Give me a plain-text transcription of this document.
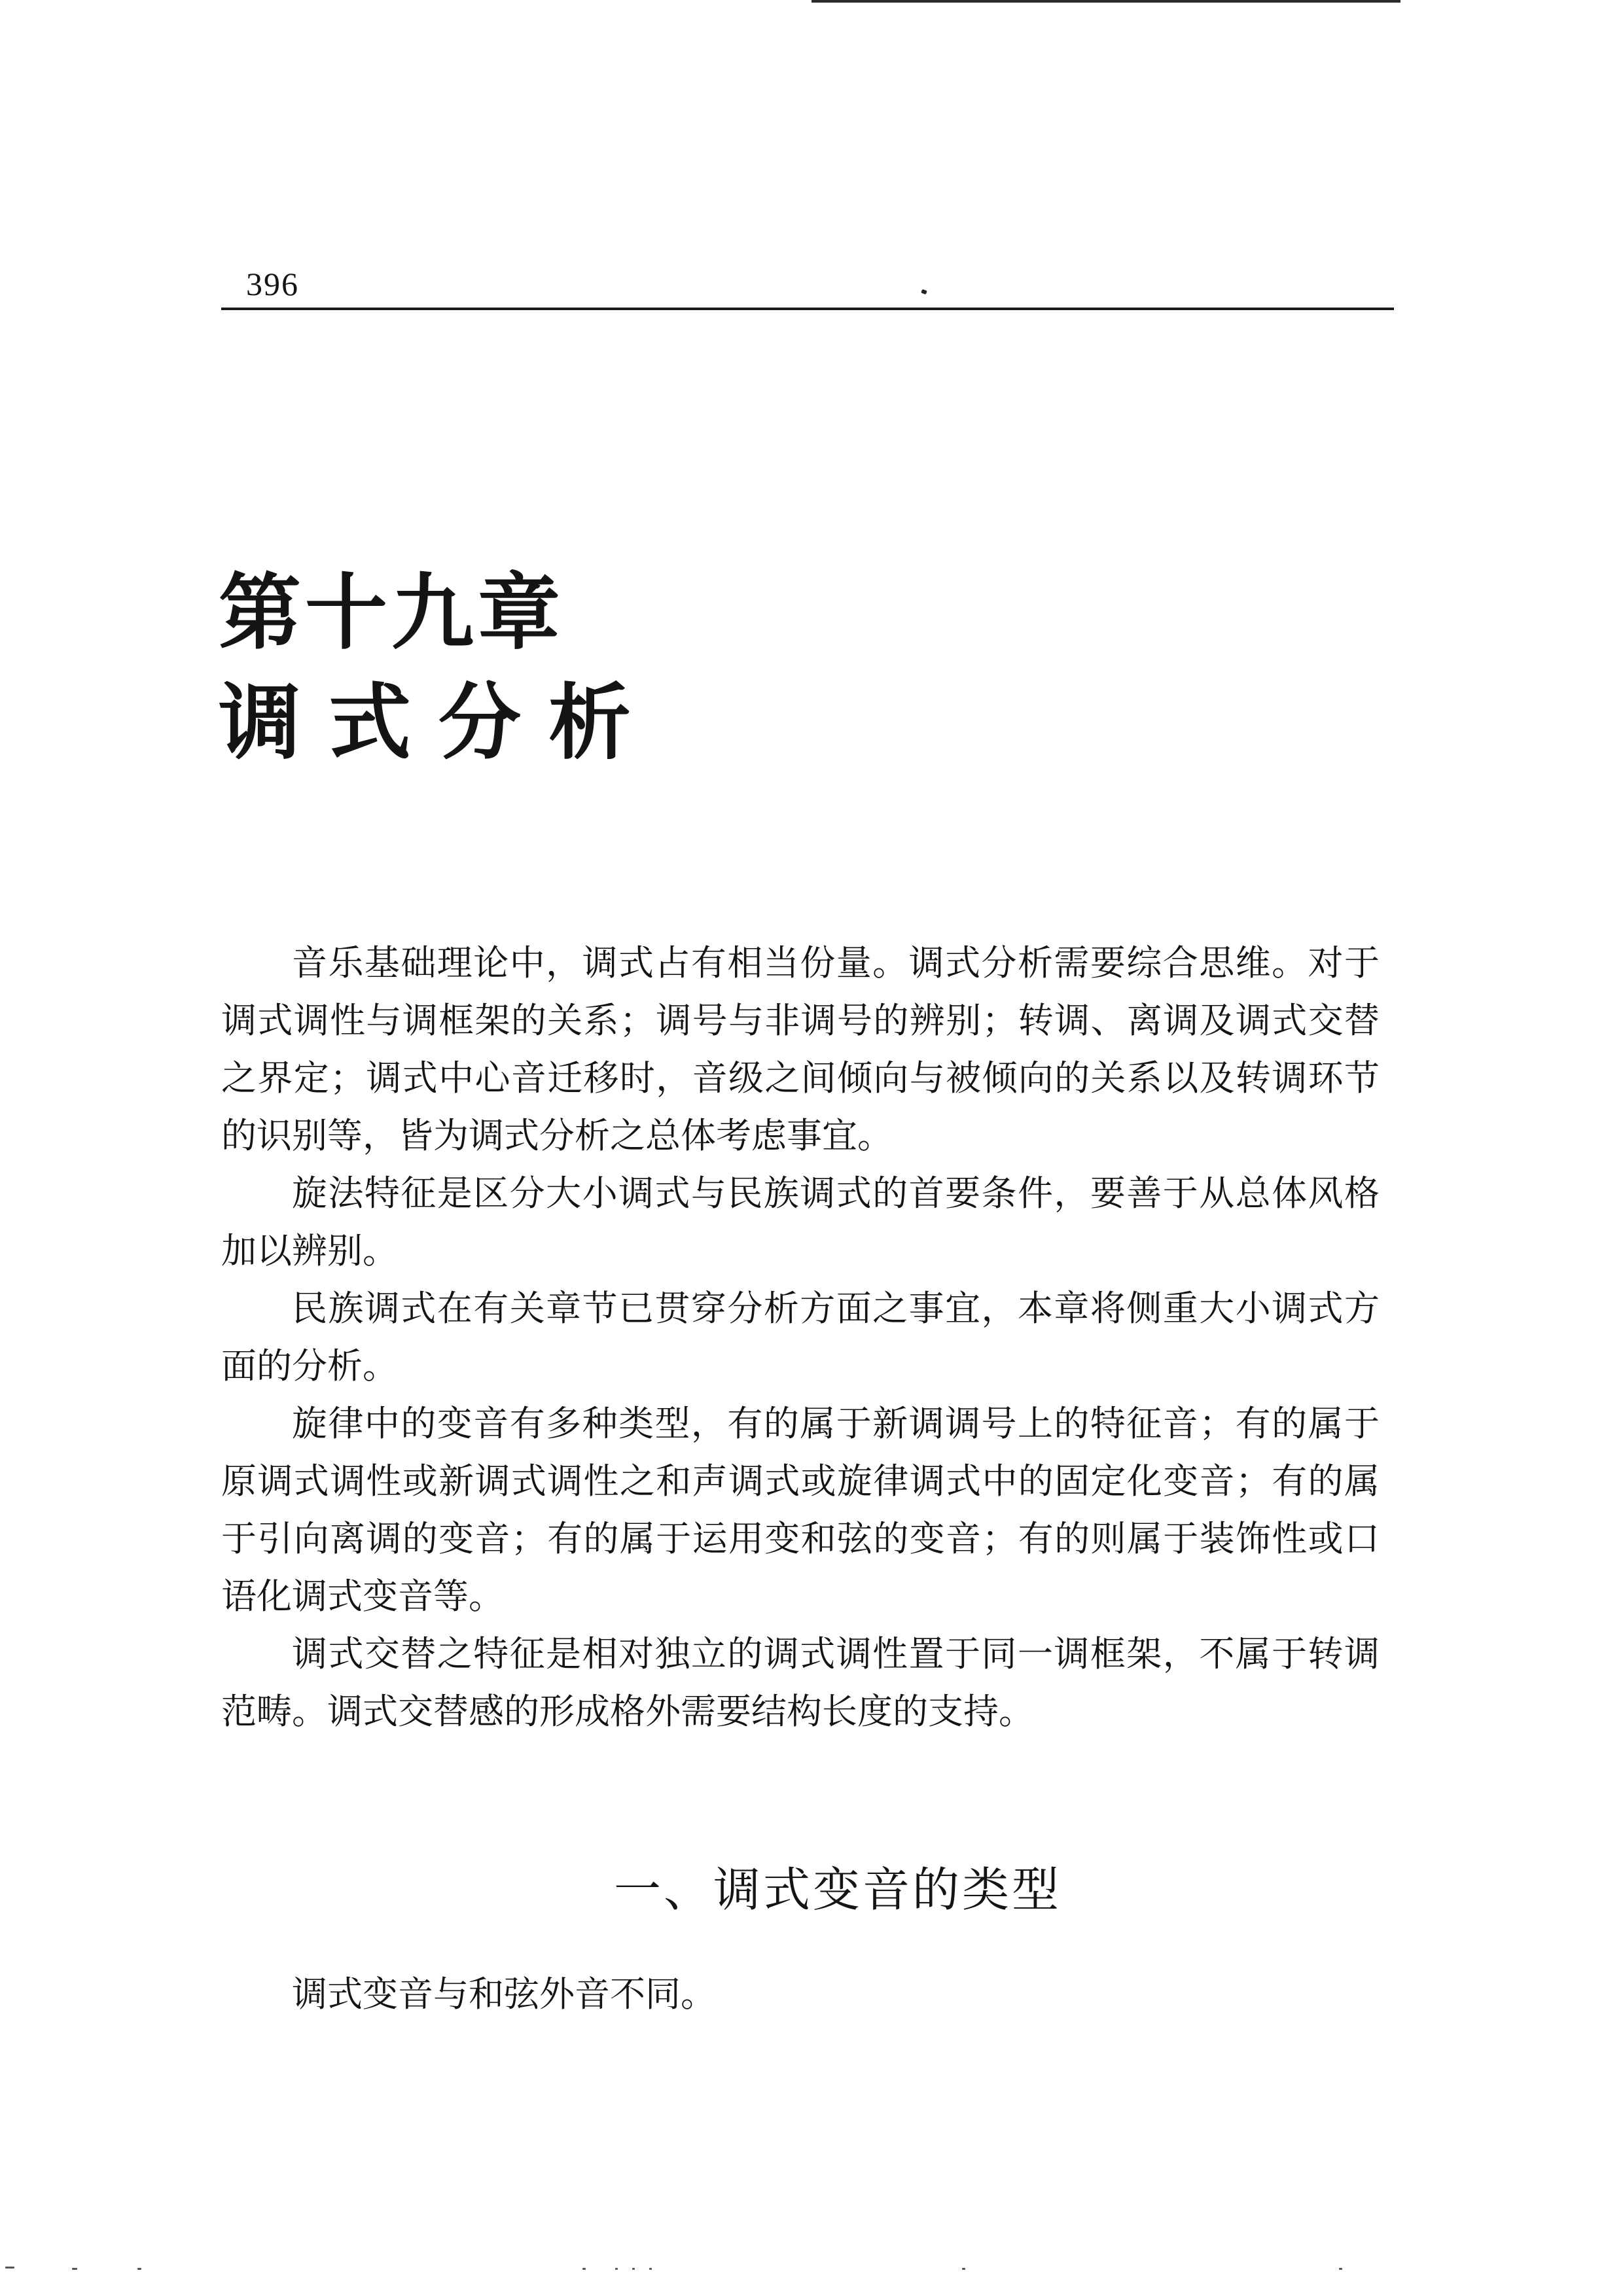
396
第十九章
调式分析

音乐基础理论中，调式占有相当份量。调式分析需要综合思维。对于调式调性与调框架的关系；调号与非调号的辨别；转调、离调及调式交替之界定；调式中心音迁移时，音级之间倾向与被倾向的关系以及转调环节的识别等，皆为调式分析之总体考虑事宜。

旋法特征是区分大小调式与民族调式的首要条件，要善于从总体风格加以辨别。

民族调式在有关章节已贯穿分析方面之事宜，本章将侧重大小调式方面的分析。

旋律中的变音有多种类型，有的属于新调调号上的特征音；有的属于原调式调性或新调式调性之和声调式或旋律调式中的固定化变音；有的属于引向离调的变音；有的属于运用变和弦的变音；有的则属于装饰性或口语化调式变音等。

调式交替之特征是相对独立的调式调性置于同一调框架，不属于转调范畴。调式交替感的形成格外需要结构长度的支持。

一、调式变音的类型
调式变音与和弦外音不同。
